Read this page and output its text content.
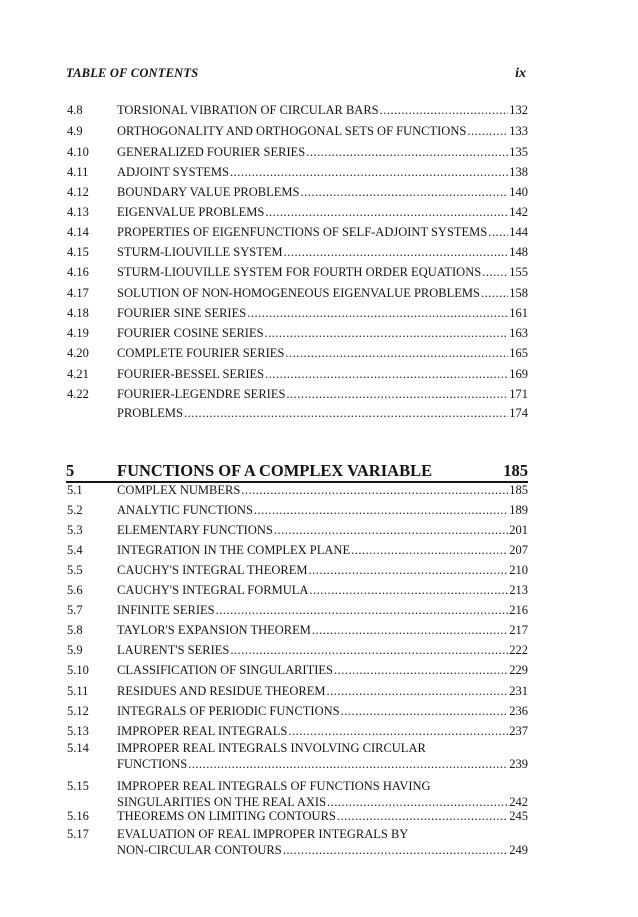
TABLE OF CONTENTS	ix
4.8	TORSIONAL VIBRATION OF CIRCULAR BARS .....	132
4.9	ORTHOGONALITY AND ORTHOGONAL SETS OF FUNCTIONS .....	133
4.10 GENERALIZED FOURIER SERIES .....	135
4.11 ADJOINT SYSTEMS .....	138
4.12 BOUNDARY VALUE PROBLEMS .....	140
4.13 EIGENVALUE PROBLEMS .....	142
4.14 PROPERTIES OF EIGENFUNCTIONS OF SELF-ADJOINT SYSTEMS ..... 144
4.15 STURM-LIOUVILLE SYSTEM .....	148
4.16 STURM-LIOUVILLE SYSTEM FOR FOURTH ORDER EQUATIONS ..... 155
4.17 SOLUTION OF NON-HOMOGENEOUS EIGENVALUE PROBLEMS ..... 158
4.18 FOURIER SINE SERIES .....	161
4.19 FOURIER COSINE SERIES .....	163
4.20 COMPLETE FOURIER SERIES .....	165
4.21 FOURIER-BESSEL SERIES .....	169
4.22 FOURIER-LEGENDRE SERIES .....	171
PROBLEMS .....	174
5	FUNCTIONS OF A COMPLEX VARIABLE	185
5.1	COMPLEX NUMBERS .....	185
5.2	ANALYTIC FUNCTIONS .....	189
5.3	ELEMENTARY FUNCTIONS .....	201
5.4	INTEGRATION IN THE COMPLEX PLANE .....	207
5.5	CAUCHY'S INTEGRAL THEOREM .....	210
5.6	CAUCHY'S INTEGRAL FORMULA .....	213
5.7	INFINITE SERIES .....	216
5.8	TAYLOR'S EXPANSION THEOREM .....	217
5.9	LAURENT'S SERIES .....	222
5.10 CLASSIFICATION OF SINGULARITIES .....	229
5.11 RESIDUES AND RESIDUE THEOREM .....	231
5.12 INTEGRALS OF PERIODIC FUNCTIONS .....	236
5.13 IMPROPER REAL INTEGRALS .....	237
5.14 IMPROPER REAL INTEGRALS INVOLVING CIRCULAR
FUNCTIONS .....	239
5.15 IMPROPER REAL INTEGRALS OF FUNCTIONS HAVING
SINGULARITIES ON THE REAL AXIS .....	242
5.16 THEOREMS ON LIMITING CONTOURS .....	245
5.17 EVALUATION OF REAL IMPROPER INTEGRALS BY
NON-CIRCULAR CONTOURS .....	249
